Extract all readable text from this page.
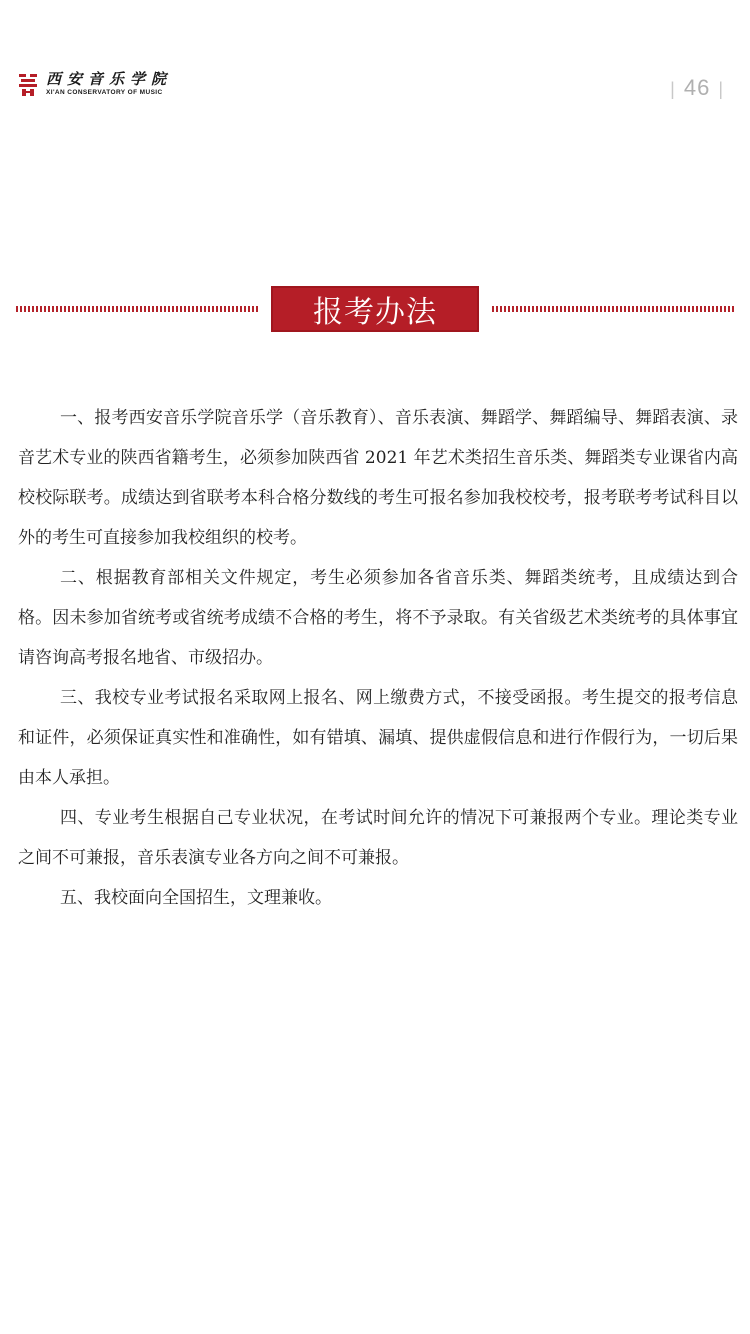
西安音乐学院
XI'AN CONSERVATORY OF MUSIC	| 46 |
报考办法

一、报考西安音乐学院音乐学（音乐教育）、音乐表演、舞蹈学、舞蹈编导、舞蹈表演、录音艺术专业的陕西省籍考生，必须参加陕西省 2021 年艺术类招生音乐类、舞蹈类专业课省内高校校际联考。成绩达到省联考本科合格分数线的考生可报名参加我校校考，报考联考考试科目以外的考生可直接参加我校组织的校考。

二、根据教育部相关文件规定，考生必须参加各省音乐类、舞蹈类统考，且成绩达到合格。因未参加省统考或省统考成绩不合格的考生，将不予录取。有关省级艺术类统考的具体事宜请咨询高考报名地省、市级招办。

三、我校专业考试报名采取网上报名、网上缴费方式，不接受函报。考生提交的报考信息和证件，必须保证真实性和准确性，如有错填、漏填、提供虚假信息和进行作假行为，一切后果由本人承担。

四、专业考生根据自己专业状况，在考试时间允许的情况下可兼报两个专业。理论类专业之间不可兼报，音乐表演专业各方向之间不可兼报。

五、我校面向全国招生，文理兼收。
